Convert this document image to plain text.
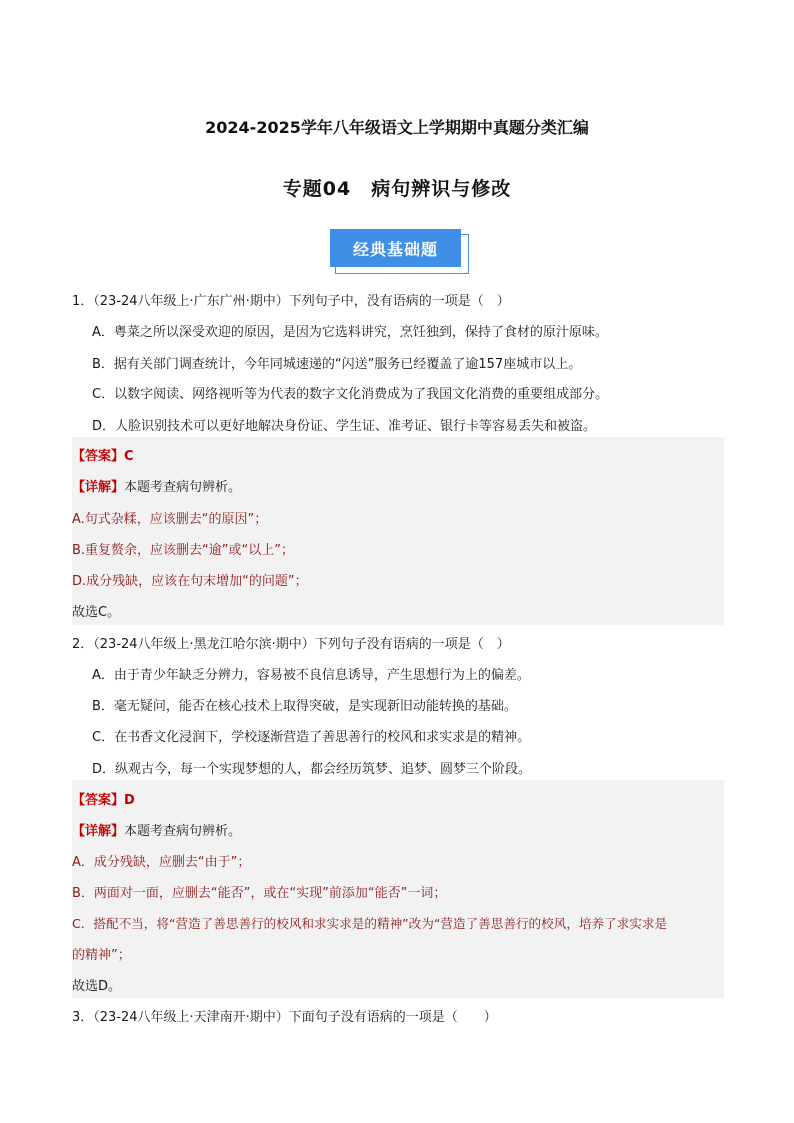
2024-2025学年八年级语文上学期期中真题分类汇编
专题04　病句辨识与修改
经典基础题
1．（23-24八年级上·广东广州·期中）下列句子中，没有语病的一项是（　）
A．粤菜之所以深受欢迎的原因，是因为它选料讲究，烹饪独到，保持了食材的原汁原味。
B．据有关部门调查统计，今年同城速递的“闪送”服务已经覆盖了逾157座城市以上。
C．以数字阅读、网络视听等为代表的数字文化消费成为了我国文化消费的重要组成部分。
D．人脸识别技术可以更好地解决身份证、学生证、准考证、银行卡等容易丢失和被盗。
【答案】C
【详解】本题考查病句辨析。
A.句式杂糅，应该删去“的原因”；
B.重复赘余，应该删去“逾”或“以上”；
D.成分残缺，应该在句末增加“的问题”；
故选C。
2．（23-24八年级上·黑龙江哈尔滨·期中）下列句子没有语病的一项是（　）
A．由于青少年缺乏分辨力，容易被不良信息诱导，产生思想行为上的偏差。
B．毫无疑问，能否在核心技术上取得突破，是实现新旧动能转换的基础。
C．在书香文化浸润下，学校逐渐营造了善思善行的校风和求实求是的精神。
D．纵观古今，每一个实现梦想的人，都会经历筑梦、追梦、圆梦三个阶段。
【答案】D
【详解】本题考查病句辨析。
A．成分残缺，应删去“由于”；
B．两面对一面，应删去“能否”，或在“实现”前添加“能否”一词；
C．搭配不当，将“营造了善思善行的校风和求实求是的精神”改为“营造了善思善行的校风，培养了求实求是
的精神”；
故选D。
3．（23-24八年级上·天津南开·期中）下面句子没有语病的一项是（　　）
